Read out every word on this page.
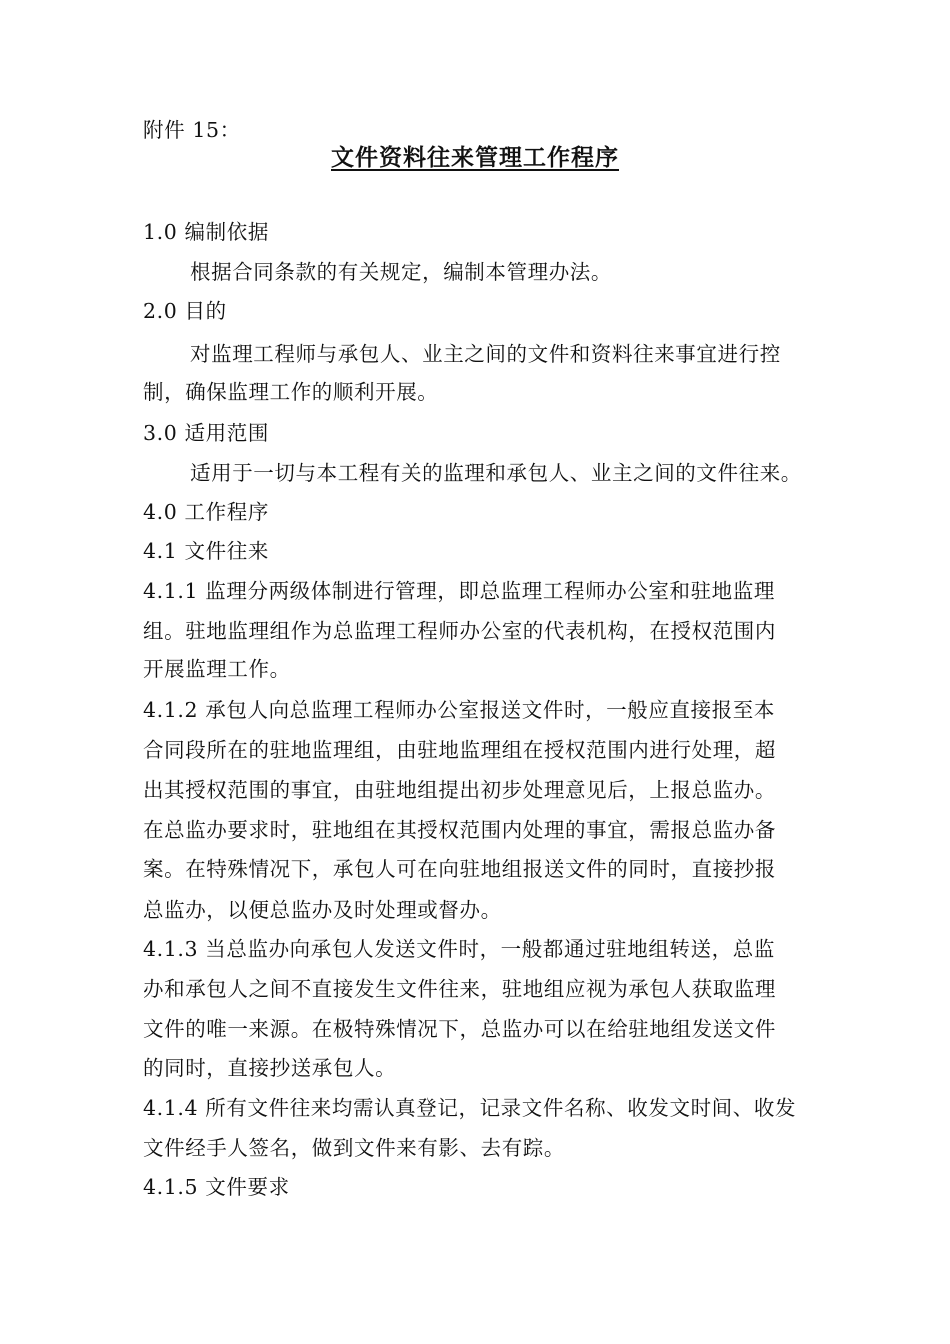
附件 15：
文件资料往来管理工作程序
1.0 编制依据
根据合同条款的有关规定，编制本管理办法。
2.0 目的
对监理工程师与承包人、业主之间的文件和资料往来事宜进行控
制，确保监理工作的顺利开展。
3.0 适用范围
适用于一切与本工程有关的监理和承包人、业主之间的文件往来。
4.0 工作程序
4.1 文件往来
4.1.1 监理分两级体制进行管理，即总监理工程师办公室和驻地监理
组。驻地监理组作为总监理工程师办公室的代表机构，在授权范围内
开展监理工作。
4.1.2 承包人向总监理工程师办公室报送文件时，一般应直接报至本
合同段所在的驻地监理组，由驻地监理组在授权范围内进行处理，超
出其授权范围的事宜，由驻地组提出初步处理意见后，上报总监办。
在总监办要求时，驻地组在其授权范围内处理的事宜，需报总监办备
案。在特殊情况下，承包人可在向驻地组报送文件的同时，直接抄报
总监办，以便总监办及时处理或督办。
4.1.3 当总监办向承包人发送文件时，一般都通过驻地组转送，总监
办和承包人之间不直接发生文件往来，驻地组应视为承包人获取监理
文件的唯一来源。在极特殊情况下，总监办可以在给驻地组发送文件
的同时，直接抄送承包人。
4.1.4 所有文件往来均需认真登记，记录文件名称、收发文时间、收发
文件经手人签名，做到文件来有影、去有踪。
4.1.5 文件要求
